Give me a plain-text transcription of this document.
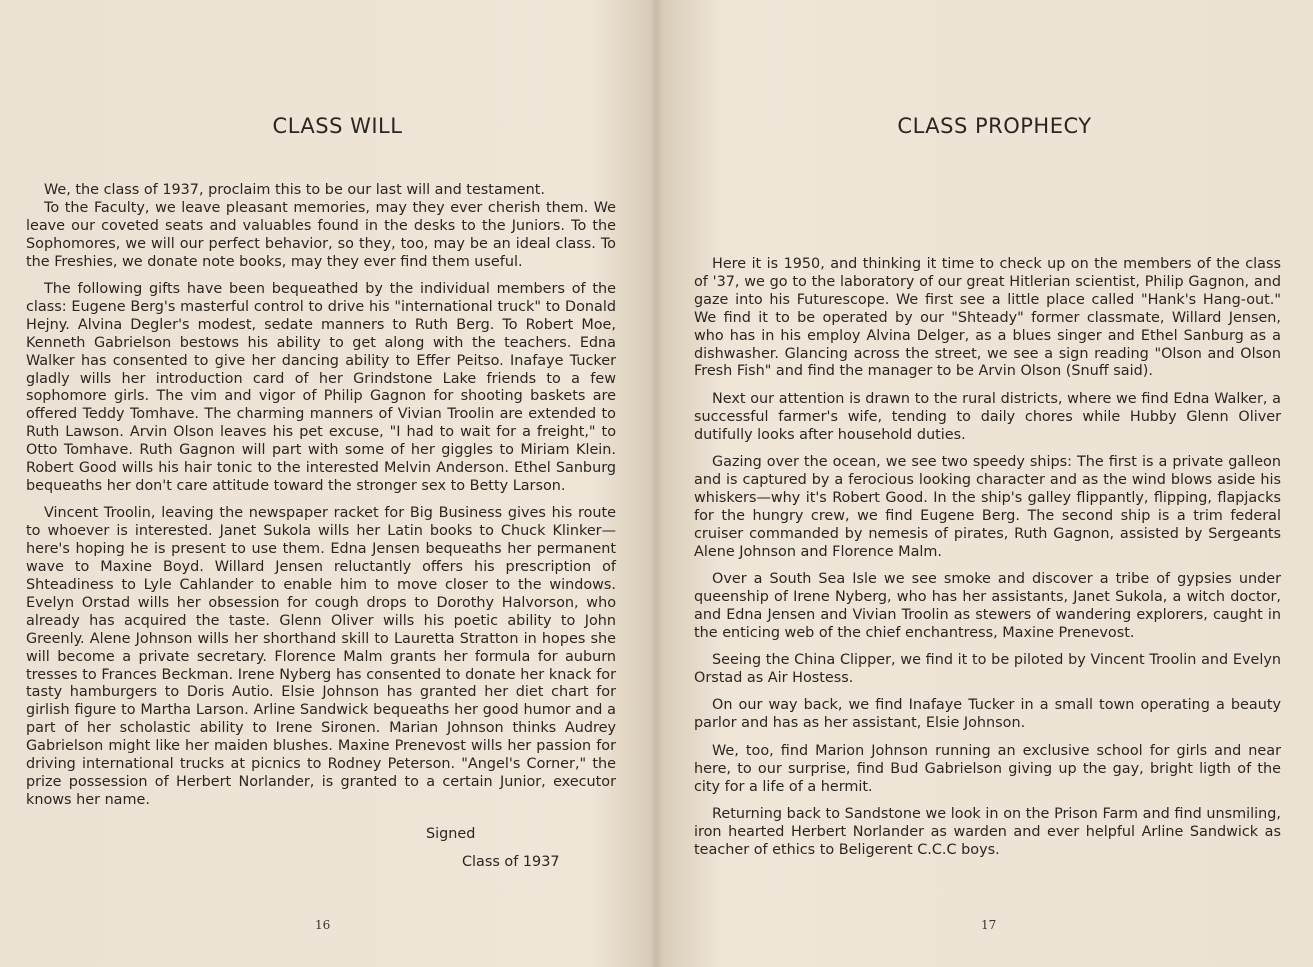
CLASS WILL

We, the class of 1937, proclaim this to be our last will and testament.

To the Faculty, we leave pleasant memories, may they ever cherish them. We leave our coveted seats and valuables found in the desks to the Juniors. To the Sophomores, we will our perfect behavior, so they, too, may be an ideal class. To the Freshies, we donate note books, may they ever find them useful.

The following gifts have been bequeathed by the individual members of the class: Eugene Berg's masterful control to drive his "international truck" to Donald Hejny. Alvina Degler's modest, sedate manners to Ruth Berg. To Robert Moe, Kenneth Gabrielson bestows his ability to get along with the teachers. Edna Walker has consented to give her dancing ability to Effer Peitso. Inafaye Tucker gladly wills her introduction card of her Grindstone Lake friends to a few sophomore girls. The vim and vigor of Philip Gagnon for shooting baskets are offered Teddy Tomhave. The charming manners of Vivian Troolin are extended to Ruth Lawson. Arvin Olson leaves his pet excuse, "I had to wait for a freight," to Otto Tomhave. Ruth Gagnon will part with some of her giggles to Miriam Klein. Robert Good wills his hair tonic to the interested Melvin Anderson. Ethel Sanburg bequeaths her don't care attitude toward the stronger sex to Betty Larson.

Vincent Troolin, leaving the newspaper racket for Big Business gives his route to whoever is interested. Janet Sukola wills her Latin books to Chuck Klinker—here's hoping he is present to use them. Edna Jensen bequeaths her permanent wave to Maxine Boyd. Willard Jensen reluctantly offers his prescription of Shteadiness to Lyle Cahlander to enable him to move closer to the windows. Evelyn Orstad wills her obsession for cough drops to Dorothy Halvorson, who already has acquired the taste. Glenn Oliver wills his poetic ability to John Greenly. Alene Johnson wills her shorthand skill to Lauretta Stratton in hopes she will become a private secretary. Florence Malm grants her formula for auburn tresses to Frances Beckman. Irene Nyberg has consented to donate her knack for tasty hamburgers to Doris Autio. Elsie Johnson has granted her diet chart for girlish figure to Martha Larson. Arline Sandwick bequeaths her good humor and a part of her scholastic ability to Irene Sironen. Marian Johnson thinks Audrey Gabrielson might like her maiden blushes. Maxine Prenevost wills her passion for driving international trucks at picnics to Rodney Peterson. "Angel's Corner," the prize possession of Herbert Norlander, is granted to a certain Junior, executor knows her name.

Signed
Class of 1937
16
CLASS PROPHECY

Here it is 1950, and thinking it time to check up on the members of the class of '37, we go to the laboratory of our great Hitlerian scientist, Philip Gagnon, and gaze into his Futurescope. We first see a little place called "Hank's Hang-out." We find it to be operated by our "Shteady" former classmate, Willard Jensen, who has in his employ Alvina Delger, as a blues singer and Ethel Sanburg as a dishwasher. Glancing across the street, we see a sign reading "Olson and Olson Fresh Fish" and find the manager to be Arvin Olson (Snuff said).

Next our attention is drawn to the rural districts, where we find Edna Walker, a successful farmer's wife, tending to daily chores while Hubby Glenn Oliver dutifully looks after household duties.

Gazing over the ocean, we see two speedy ships: The first is a private galleon and is captured by a ferocious looking character and as the wind blows aside his whiskers—why it's Robert Good. In the ship's galley flippantly, flipping, flapjacks for the hungry crew, we find Eugene Berg. The second ship is a trim federal cruiser commanded by nemesis of pirates, Ruth Gagnon, assisted by Sergeants Alene Johnson and Florence Malm.

Over a South Sea Isle we see smoke and discover a tribe of gypsies under queenship of Irene Nyberg, who has her assistants, Janet Sukola, a witch doctor, and Edna Jensen and Vivian Troolin as stewers of wandering explorers, caught in the enticing web of the chief enchantress, Maxine Prenevost.

Seeing the China Clipper, we find it to be piloted by Vincent Troolin and Evelyn Orstad as Air Hostess.

On our way back, we find Inafaye Tucker in a small town operating a beauty parlor and has as her assistant, Elsie Johnson.

We, too, find Marion Johnson running an exclusive school for girls and near here, to our surprise, find Bud Gabrielson giving up the gay, bright ligth of the city for a life of a hermit.

Returning back to Sandstone we look in on the Prison Farm and find unsmiling, iron hearted Herbert Norlander as warden and ever helpful Arline Sandwick as teacher of ethics to Beligerent C.C.C boys.

17
